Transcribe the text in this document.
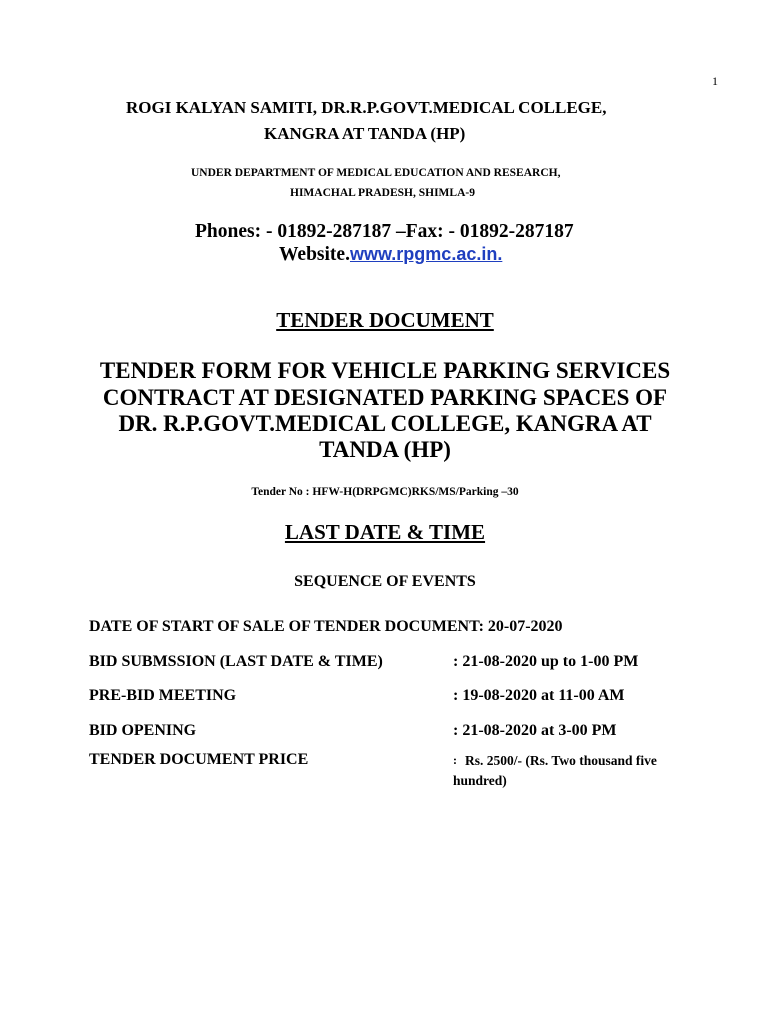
1
ROGI KALYAN SAMITI, DR.R.P.GOVT.MEDICAL COLLEGE,
KANGRA AT TANDA (HP)
UNDER DEPARTMENT OF MEDICAL EDUCATION AND RESEARCH,
HIMACHAL PRADESH, SHIMLA-9
Phones: - 01892-287187 –Fax: - 01892-287187
Website.www.rpgmc.ac.in.
TENDER DOCUMENT
TENDER FORM FOR VEHICLE PARKING SERVICES
CONTRACT AT DESIGNATED PARKING SPACES OF
DR. R.P.GOVT.MEDICAL COLLEGE, KANGRA AT
TANDA (HP)
Tender No : HFW-H(DRPGMC)RKS/MS/Parking –30
LAST DATE & TIME
SEQUENCE OF EVENTS
DATE OF START OF SALE OF TENDER DOCUMENT: 20-07-2020
BID SUBMSSION (LAST DATE & TIME)	: 21-08-2020 up to 1-00 PM
PRE-BID MEETING	: 19-08-2020 at 11-00 AM
BID OPENING	: 21-08-2020 at 3-00 PM
TENDER DOCUMENT PRICE	: Rs. 2500/- (Rs. Two thousand five
hundred)
